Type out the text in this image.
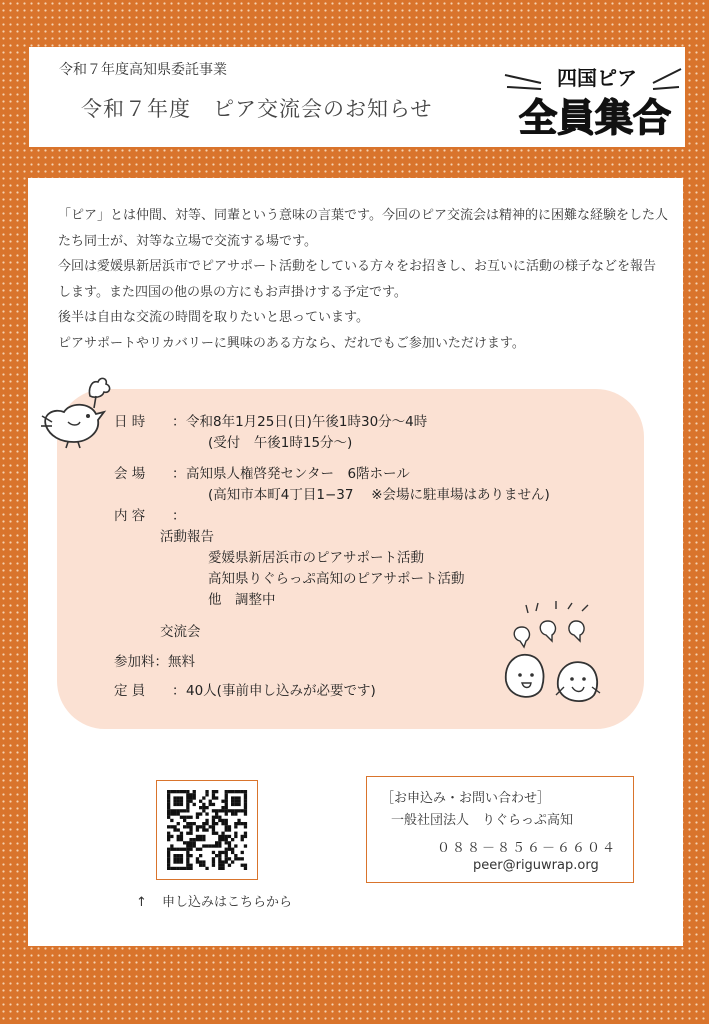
令和７年度高知県委託事業
令和７年度　ピア交流会のお知らせ
四国ピア
全員集合

「ピア」とは仲間、対等、同輩という意味の言葉です。今回のピア交流会は精神的に困難な経験をした人たち同士が、対等な立場で交流する場です。

今回は愛媛県新居浜市でピアサポート活動をしている方々をお招きし、お互いに活動の様子などを報告します。また四国の他の県の方にもお声掛けする予定です。

後半は自由な交流の時間を取りたいと思っています。

ピアサポートやリカバリーに興味のある方なら、だれでもご参加いただけます。

日 時 ：令和8年1月25日(日)午後1時30分～4時
(受付　午後1時15分～)
会 場 ：高知県人権啓発センター　6階ホール
(高知市本町4丁目1−37　 ※会場に駐車場はありません)
内 容 ：
活動報告
愛媛県新居浜市のピアサポート活動
高知県りぐらっぷ高知のピアサポート活動
他　調整中
交流会
参加料：無料
定 員 ：40人(事前申し込みが必要です)
↑ 申し込みはこちらから
［お申込み・お問い合わせ］
一般社団法人　りぐらっぷ高知
０８８－８５６－６６０４
peer@riguwrap.org
